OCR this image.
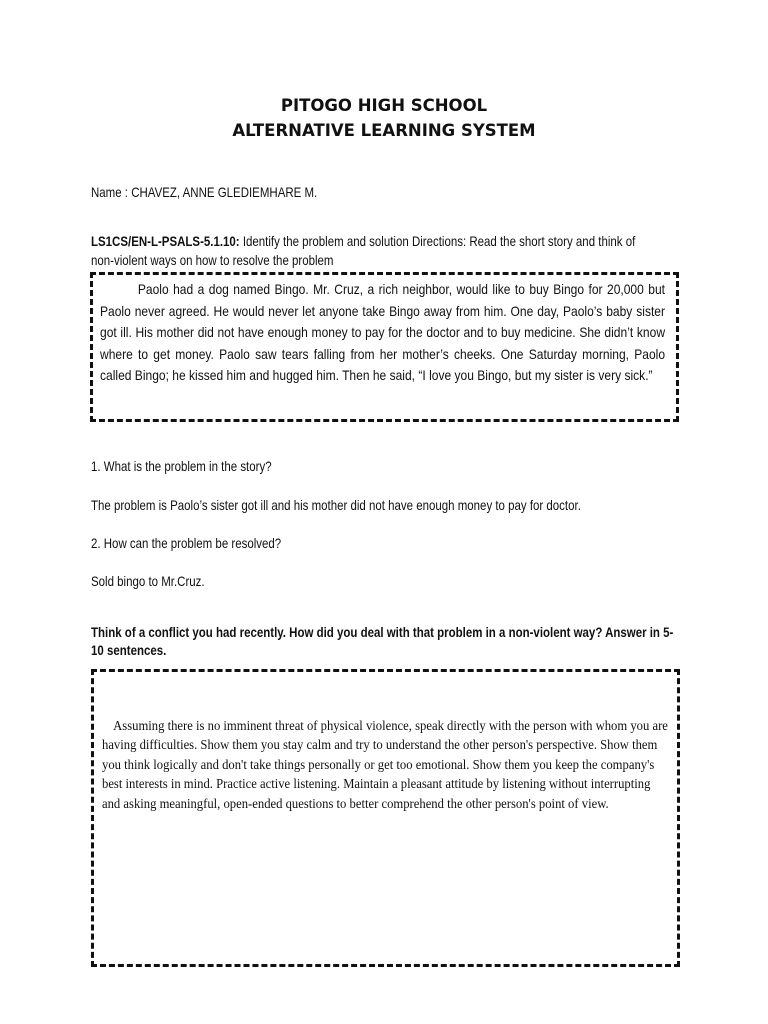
PITOGO HIGH SCHOOL
ALTERNATIVE LEARNING SYSTEM
Name : CHAVEZ, ANNE GLEDIEMHARE M.
LS1CS/EN-L-PSALS-5.1.10: Identify the problem and solution Directions: Read the short story and think of
non-violent ways on how to resolve the problem
Paolo had a dog named Bingo. Mr. Cruz, a rich neighbor, would like to buy Bingo for 20,000 but Paolo never agreed. He would never let anyone take Bingo away from him. One day, Paolo’s baby sister got ill. His mother did not have enough money to pay for the doctor and to buy medicine. She didn’t know where to get money. Paolo saw tears falling from her mother’s cheeks. One Saturday morning, Paolo called Bingo; he kissed him and hugged him. Then he said, “I love you Bingo, but my sister is very sick.”
1. What is the problem in the story?
The problem is Paolo’s sister got ill and his mother did not have enough money to pay for doctor.
2. How can the problem be resolved?
Sold bingo to Mr.Cruz.
Think of a conflict you had recently. How did you deal with that problem in a non-violent way? Answer in 5-
10 sentences.
Assuming there is no imminent threat of physical violence, speak directly with the person with whom you are having difficulties. Show them you stay calm and try to understand the other person's perspective. Show them you think logically and don't take things personally or get too emotional. Show them you keep the company's best interests in mind. Practice active listening. Maintain a pleasant attitude by listening without interrupting and asking meaningful, open-ended questions to better comprehend the other person's point of view.
